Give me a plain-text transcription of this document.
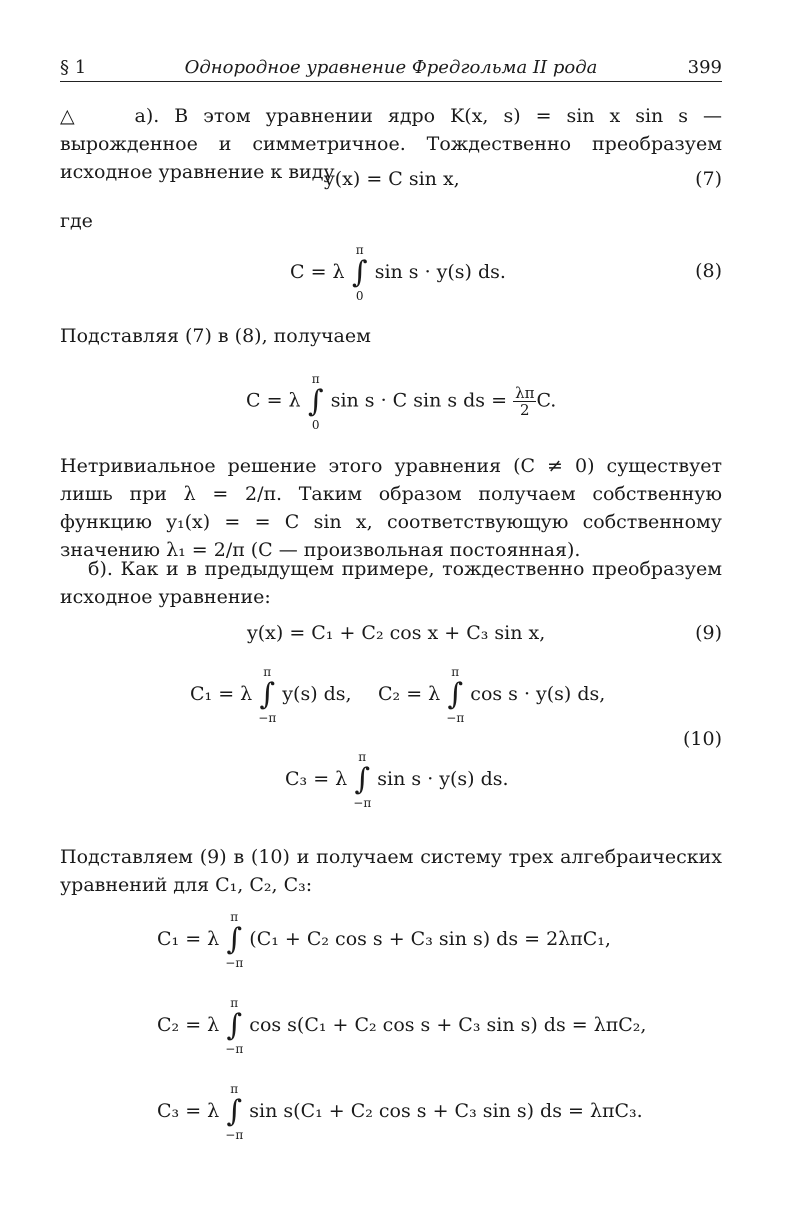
§ 1	Однородное уравнение Фредгольма II рода	399

△	а). В этом уравнении ядро K(x, s) = sin x sin s — вырожденное и симметричное. Тождественно преобразуем исходное уравнение к виду

y(x) = C sin x,	(7)
где
C = λ ∫
π
0
sin s · y(s) ds.	(8)

Подставляя (7) в (8), получаем

C = λ ∫
π
0
sin s · C sin s ds = $\frac{\lambda\pi}{2} C$.

Нетривиальное решение этого уравнения (C ≠ 0) существует лишь при λ = 2/π. Таким образом получаем собственную функцию y₁(x) = = C sin x, соответствующую собственному значению λ₁ = 2/π (C — произвольная постоянная).

б). Как и в предыдущем примере, тождественно преобразуем исходное уравнение:

y(x) = C₁ + C₂ cos x + C₃ sin x,	(9)
C₁ = λ ∫
π
−π
y(s) ds, C₂ = λ ∫
π
−π
cos s · y(s) ds,
(10)
C₃ = λ ∫
π
−π
sin s · y(s) ds.

Подставляем (9) в (10) и получаем систему трех алгебраических уравнений для C₁, C₂, C₃:

C₁ = λ ∫
π
−π
(C₁ + C₂ cos s + C₃ sin s) ds = 2λπC₁,
C₂ = λ ∫
π
−π
cos s(C₁ + C₂ cos s + C₃ sin s) ds = λπC₂,
C₃ = λ ∫
π
−π
sin s(C₁ + C₂ cos s + C₃ sin s) ds = λπC₃.
